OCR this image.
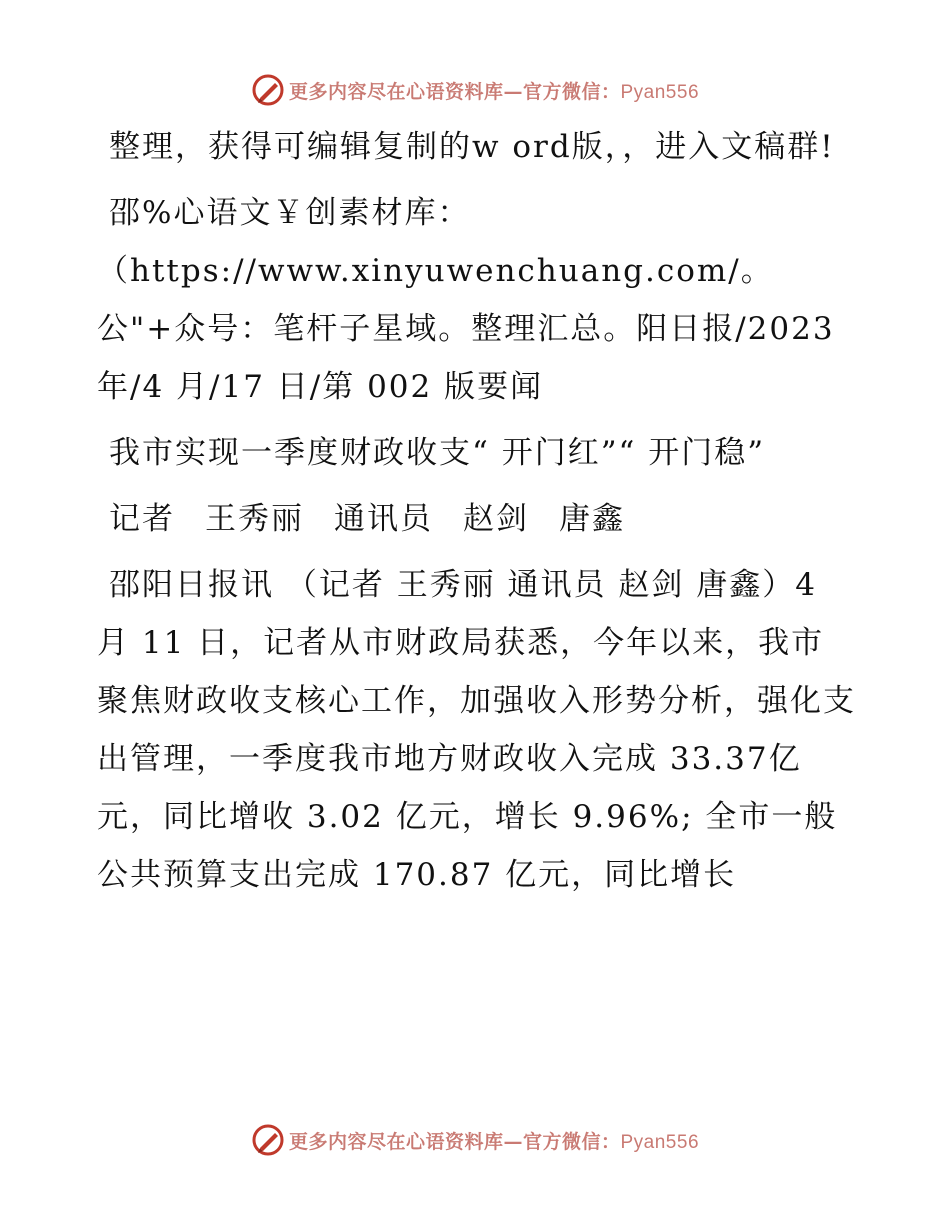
更多内容尽在心语资料库—官方微信：Pyan556

整理，获得可编辑复制的w ord版，，进入文稿群!

邵%心语文￥创素材库：（https://www.xinyuwenchuang.com/。公"+众号：笔杆子星域。整理汇总。阳日报/2023 年/4 月/17 日/第 002 版要闻

我市实现一季度财政收支“ 开门红”“ 开门稳”

记者 王秀丽 通讯员 赵剑 唐鑫

邵阳日报讯 （记者 王秀丽 通讯员 赵剑 唐鑫）4 月 11 日，记者从市财政局获悉，今年以来，我市聚焦财政收支核心工作，加强收入形势分析，强化支出管理，一季度我市地方财政收入完成 33.37亿元，同比增收 3.02 亿元，增长 9.96%; 全市一般公共预算支出完成 170.87 亿元，同比增长

更多内容尽在心语资料库—官方微信：Pyan556
